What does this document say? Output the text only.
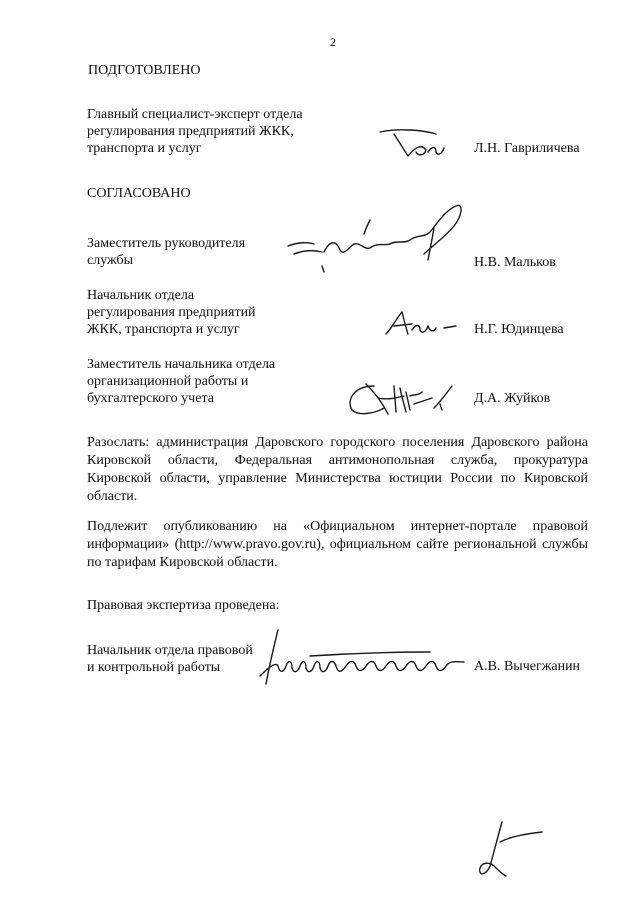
2
ПОДГОТОВЛЕНО
Главный специалист-эксперт отдела
регулирования предприятий ЖКК,
транспорта и услуг	Л.Н. Гавриличева
СОГЛАСОВАНО
Заместитель руководителя
службы	Н.В. Мальков
Начальник отдела
регулирования предприятий
ЖКК, транспорта и услуг	Н.Г. Юдинцева
Заместитель начальника отдела
организационной работы и
бухгалтерского учета	Д.А. Жуйков
Разослать: администрация Даровского городского поселения Даровского района Кировской области, Федеральная антимонопольная служба, прокуратура Кировской области, управление Министерства юстиции России по Кировской области.
Подлежит опубликованию на «Официальном интернет-портале правовой информации» (http://www.pravo.gov.ru), официальном сайте региональной службы по тарифам Кировской области.
Правовая экспертиза проведена:
Начальник отдела правовой
и контрольной работы	А.В. Вычегжанин
